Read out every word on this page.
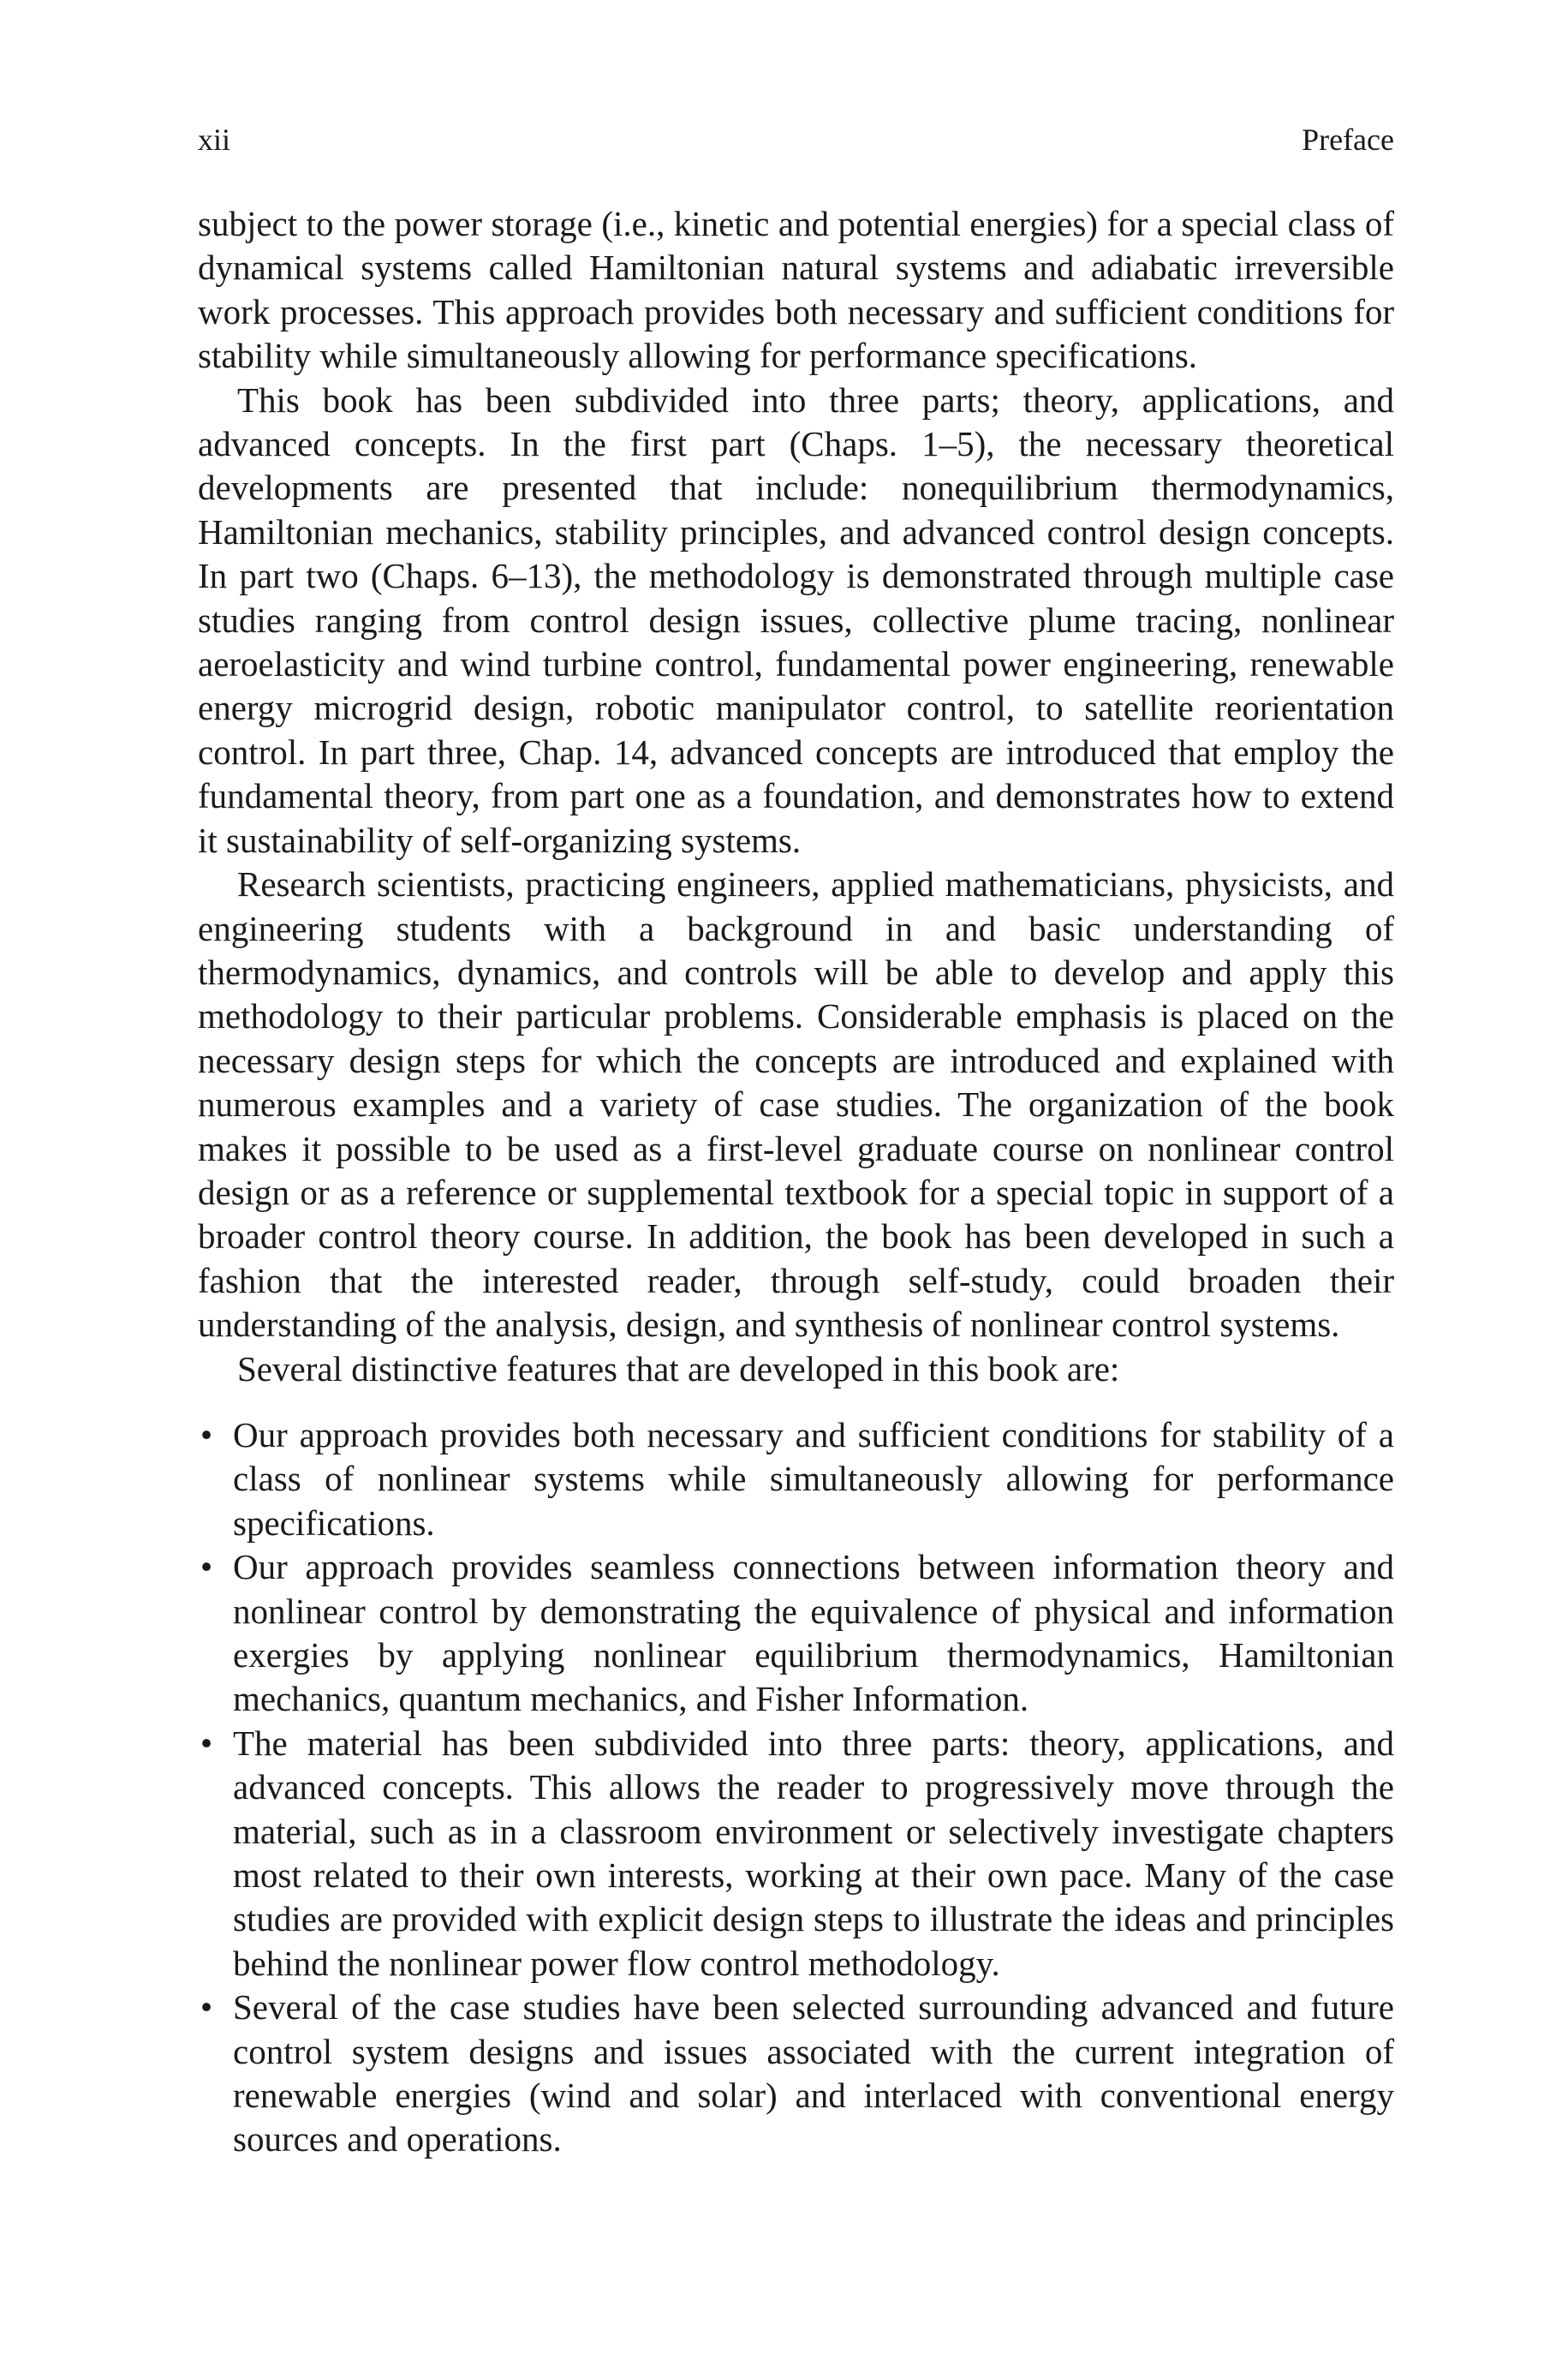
xii	Preface

subject to the power storage (i.e., kinetic and potential energies) for a special class of dynamical systems called Hamiltonian natural systems and adiabatic irreversible work processes. This approach provides both necessary and sufficient conditions for stability while simultaneously allowing for performance specifications.

This book has been subdivided into three parts; theory, applications, and advanced concepts. In the first part (Chaps. 1–5), the necessary theoretical developments are presented that include: nonequilibrium thermodynamics, Hamiltonian mechanics, stability principles, and advanced control design concepts. In part two (Chaps. 6–13), the methodology is demonstrated through multiple case studies ranging from control design issues, collective plume tracing, nonlinear aeroelasticity and wind turbine control, fundamental power engineering, renewable energy microgrid design, robotic manipulator control, to satellite reorientation control. In part three, Chap. 14, advanced concepts are introduced that employ the fundamental theory, from part one as a foundation, and demonstrates how to extend it sustainability of self-organizing systems.

Research scientists, practicing engineers, applied mathematicians, physicists, and engineering students with a background in and basic understanding of thermodynamics, dynamics, and controls will be able to develop and apply this methodology to their particular problems. Considerable emphasis is placed on the necessary design steps for which the concepts are introduced and explained with numerous examples and a variety of case studies. The organization of the book makes it possible to be used as a first-level graduate course on nonlinear control design or as a reference or supplemental textbook for a special topic in support of a broader control theory course. In addition, the book has been developed in such a fashion that the interested reader, through self-study, could broaden their understanding of the analysis, design, and synthesis of nonlinear control systems.

Several distinctive features that are developed in this book are:

• Our approach provides both necessary and sufficient conditions for stability of a class of nonlinear systems while simultaneously allowing for performance specifications.
• Our approach provides seamless connections between information theory and nonlinear control by demonstrating the equivalence of physical and information exergies by applying nonlinear equilibrium thermodynamics, Hamiltonian mechanics, quantum mechanics, and Fisher Information.
• The material has been subdivided into three parts: theory, applications, and advanced concepts. This allows the reader to progressively move through the material, such as in a classroom environment or selectively investigate chapters most related to their own interests, working at their own pace. Many of the case studies are provided with explicit design steps to illustrate the ideas and principles behind the nonlinear power flow control methodology.
• Several of the case studies have been selected surrounding advanced and future control system designs and issues associated with the current integration of renewable energies (wind and solar) and interlaced with conventional energy sources and operations.
